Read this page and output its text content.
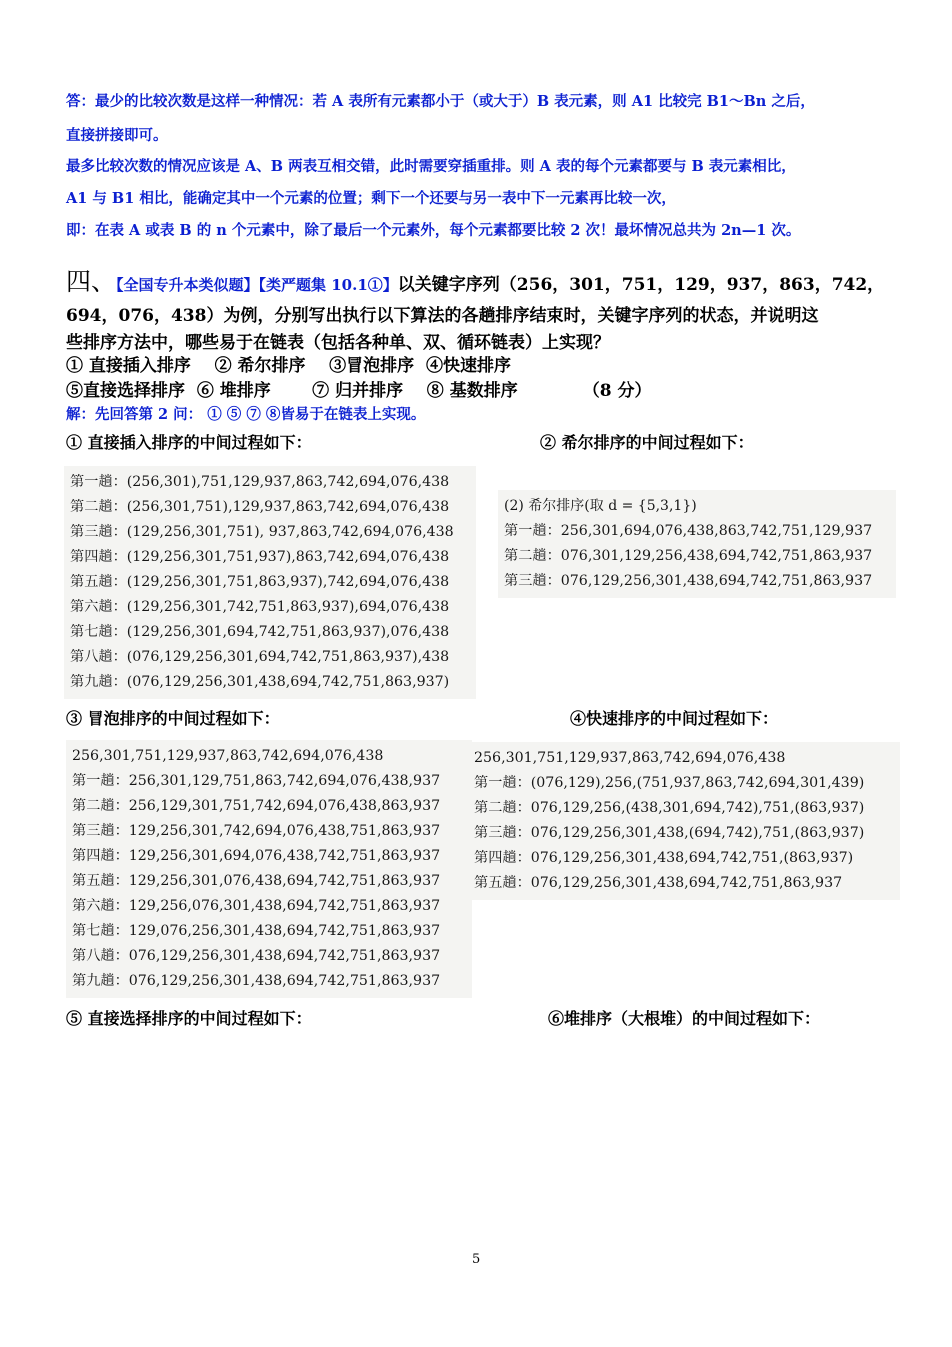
答：最少的比较次数是这样一种情况：若 A 表所有元素都小于（或大于）B 表元素，则 A1 比较完 B1～Bn 之后，

直接拼接即可。

最多比较次数的情况应该是 A、B 两表互相交错，此时需要穿插重排。则 A 表的每个元素都要与 B 表元素相比，

A1 与 B1 相比，能确定其中一个元素的位置；剩下一个还要与另一表中下一元素再比较一次，

即：在表 A 或表 B 的 n 个元素中，除了最后一个元素外，每个元素都要比较 2 次！最坏情况总共为 2n—1 次。

四、【全国专升本类似题】【类严题集 10.1①】以关键字序列（256，301，751，129，937，863，742，
694，076，438）为例，分别写出执行以下算法的各趟排序结束时，关键字序列的状态，并说明这
些排序方法中，哪些易于在链表（包括各种单、双、循环链表）上实现？
① 直接插入排序    ② 希尔排序    ③冒泡排序  ④快速排序
⑤直接选择排序  ⑥ 堆排序       ⑦ 归并排序    ⑧ 基数排序           （8 分）
解：先回答第 2 问： ① ⑤ ⑦ ⑧皆易于在链表上实现。
① 直接插入排序的中间过程如下：	② 希尔排序的中间过程如下：
第一趟：(256,301),751,129,937,863,742,694,076,438
第二趟：(256,301,751),129,937,863,742,694,076,438
第三趟：(129,256,301,751), 937,863,742,694,076,438
第四趟：(129,256,301,751,937),863,742,694,076,438
第五趟：(129,256,301,751,863,937),742,694,076,438
第六趟：(129,256,301,742,751,863,937),694,076,438
第七趟：(129,256,301,694,742,751,863,937),076,438
第八趟：(076,129,256,301,694,742,751,863,937),438
第九趟：(076,129,256,301,438,694,742,751,863,937)
(2) 希尔排序(取 d = {5,3,1})
第一趟：256,301,694,076,438,863,742,751,129,937
第二趟：076,301,129,256,438,694,742,751,863,937
第三趟：076,129,256,301,438,694,742,751,863,937
③ 冒泡排序的中间过程如下：	④快速排序的中间过程如下：
256,301,751,129,937,863,742,694,076,438
第一趟：256,301,129,751,863,742,694,076,438,937
第二趟：256,129,301,751,742,694,076,438,863,937
第三趟：129,256,301,742,694,076,438,751,863,937
第四趟：129,256,301,694,076,438,742,751,863,937
第五趟：129,256,301,076,438,694,742,751,863,937
第六趟：129,256,076,301,438,694,742,751,863,937
第七趟：129,076,256,301,438,694,742,751,863,937
第八趟：076,129,256,301,438,694,742,751,863,937
第九趟：076,129,256,301,438,694,742,751,863,937
256,301,751,129,937,863,742,694,076,438
第一趟：(076,129),256,(751,937,863,742,694,301,439)
第二趟：076,129,256,(438,301,694,742),751,(863,937)
第三趟：076,129,256,301,438,(694,742),751,(863,937)
第四趟：076,129,256,301,438,694,742,751,(863,937)
第五趟：076,129,256,301,438,694,742,751,863,937
⑤ 直接选择排序的中间过程如下：	⑥堆排序（大根堆）的中间过程如下：
5
